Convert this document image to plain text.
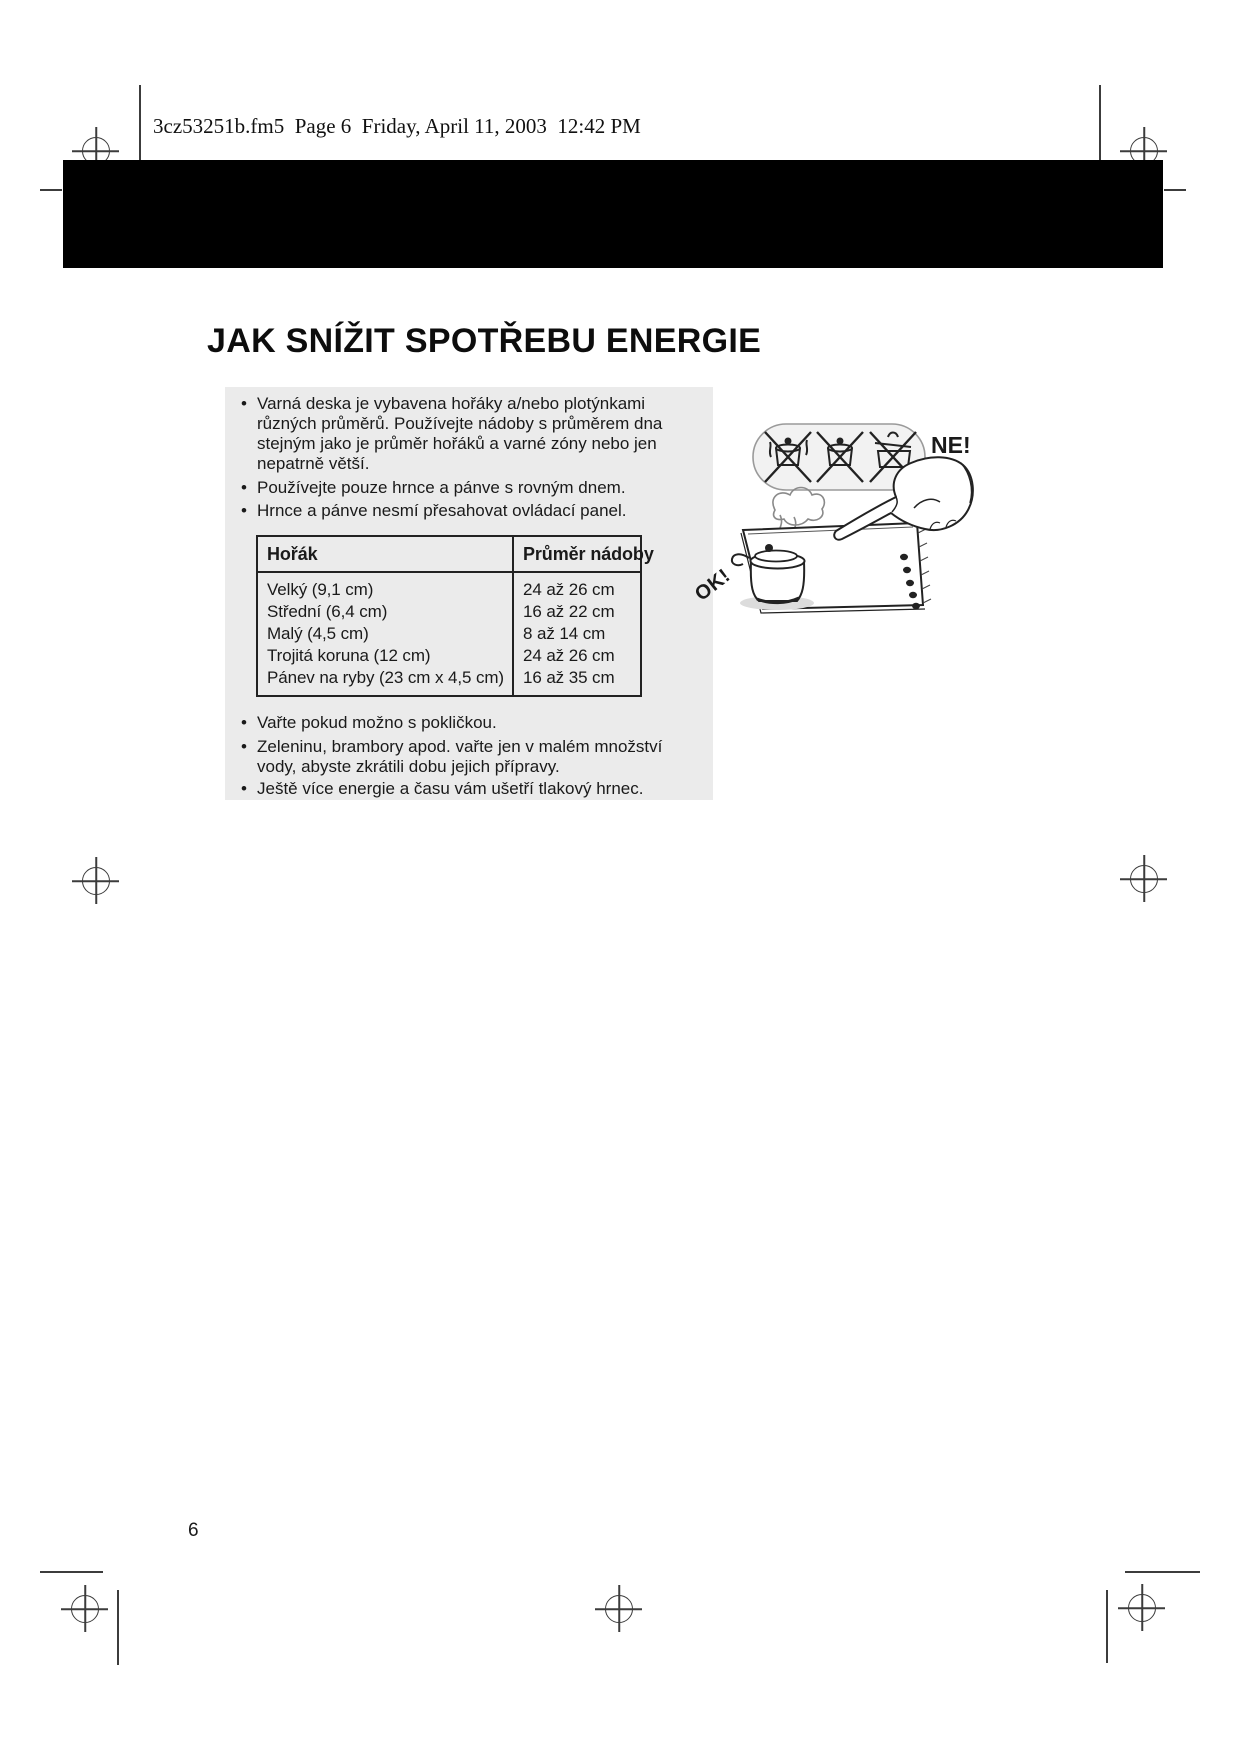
3cz53251b.fm5  Page 6  Friday, April 11, 2003  12:42 PM
JAK SNÍŽIT SPOTŘEBU ENERGIE
• Varná deska je vybavena hořáky a/nebo plotýnkami
různých průměrů. Používejte nádoby s průměrem dna
stejným jako je průměr hořáků a varné zóny nebo jen
nepatrně větší.
• Používejte pouze hrnce a pánve s rovným dnem.
• Hrnce a pánve nesmí přesahovat ovládací panel.
Hořák	Průměr nádoby
Velký (9,1 cm)	24 až 26 cm
Střední (6,4 cm)	16 až 22 cm
Malý (4,5 cm)	8 až 14 cm
Trojitá koruna (12 cm)	24 až 26 cm
Pánev na ryby (23 cm x 4,5 cm)	16 až 35 cm
• Vařte pokud možno s pokličkou.
• Zeleninu, brambory apod. vařte jen v malém množství
vody, abyste zkrátili dobu jejich přípravy.
• Ještě více energie a času vám ušetří tlakový hrnec.
NE!
OK!
6
